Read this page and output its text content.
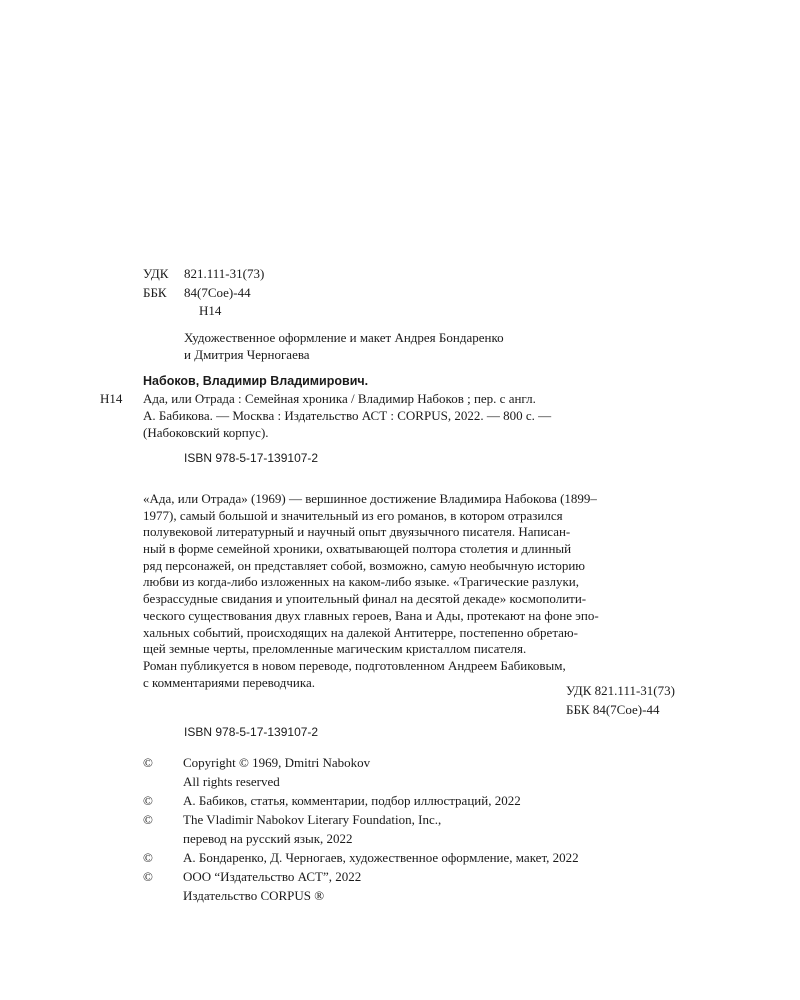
УДК 821.111-31(73)
ББК 84(7Сое)-44
Н14
Художественное оформление и макет Андрея Бондаренко
и Дмитрия Черногаева
Н14
Набоков, Владимир Владимирович.
Ада, или Отрада : Семейная хроника / Владимир Набоков ; пер. с англ.
А. Бабикова. — Москва : Издательство АСТ : CORPUS, 2022. — 800 с. —
(Набоковский корпус).
ISBN 978-5-17-139107-2
«Ада, или Отрада» (1969) — вершинное достижение Владимира Набокова (1899–
1977), самый большой и значительный из его романов, в котором отразился
полувековой литературный и научный опыт двуязычного писателя. Написан-
ный в форме семейной хроники, охватывающей полтора столетия и длинный
ряд персонажей, он представляет собой, возможно, самую необычную историю
любви из когда-либо изложенных на каком-либо языке. «Трагические разлуки,
безрассудные свидания и упоительный финал на десятой декаде» космополити-
ческого существования двух главных героев, Вана и Ады, протекают на фоне эпо-
хальных событий, происходящих на далекой Антитерре, постепенно обретаю-
щей земные черты, преломленные магическим кристаллом писателя.
Роман публикуется в новом переводе, подготовленном Андреем Бабиковым,
с комментариями переводчика.
УДК 821.111-31(73)
ББК 84(7Сое)-44
ISBN 978-5-17-139107-2
© Copyright © 1969, Dmitri Nabokov
All rights reserved
© А. Бабиков, статья, комментарии, подбор иллюстраций, 2022
© The Vladimir Nabokov Literary Foundation, Inc.,
перевод на русский язык, 2022
© А. Бондаренко, Д. Черногаев, художественное оформление, макет, 2022
© ООО “Издательство АСТ”, 2022
Издательство CORPUS ®
